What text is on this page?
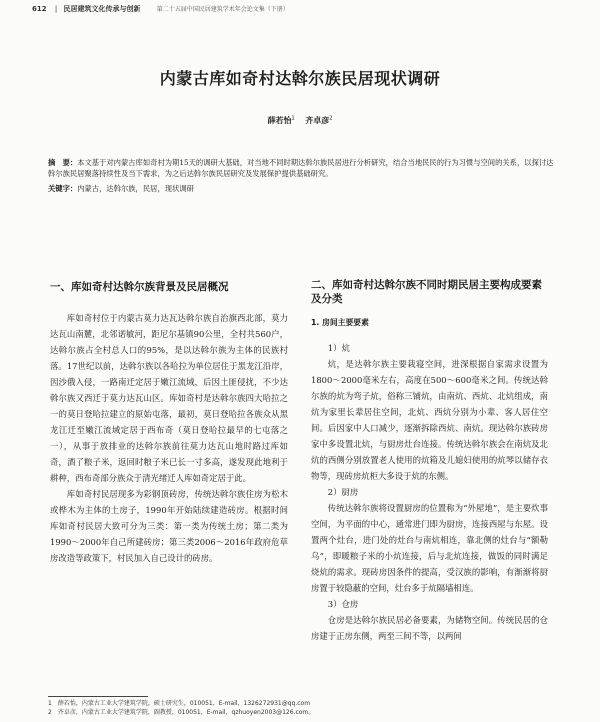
612 | 民居建筑文化传承与创新	第二十五届中国民居建筑学术年会论文集（下册）
内蒙古库如奇村达斡尔族民居现状调研
薛若怡$^1$ 齐卓彦$^2$
摘　要：本文基于对内蒙古库如奇村为期15天的调研大基础，对当地不同时期达斡尔族民居进行分析研究，结合当地民民的行为习惯与空间的关系，以探讨达斡尔族民居聚落持续性及当下需求，为之后达斡尔族民居研究及发展保护提供基础研究。
关键字：内蒙古，达斡尔族，民居，现状调研
一、库如奇村达斡尔族背景及民居概况

库如奇村位于内蒙古莫力达瓦达斡尔族自治旗西北部，莫力达瓦山南麓，北邻诺敏河，距尼尔基镇90公里，全村共560户，达斡尔族占全村总人口的95%，是以达斡尔族为主体的民族村落。17世纪以前，达斡尔族以各哈拉为单位居住于黑龙江沿岸，因沙俄入侵，一路南迁定居于嫩江流域，后因土匪侵扰，不少达斡尔族又西迁于莫力达瓦山区。库如奇村是达斡尔族四大哈拉之一的莫日登哈拉建立的原始屯落，最初，莫日登哈拉各族众从黑龙江迁至嫩江流域定居于西布奇（莫日登哈拉最早的七屯落之一），从事于放排业的达斡尔族前往莫力达瓦山地时路过库如奇，酒了粮子米，返回时粮子米已长一寸多高，遂发现此地利于耕种，西布奇部分族众于清光绪迁人库如奇定居于此。

库如奇村民居现多为彩钢顶砖房，传统达斡尔族住房为松木或桦木为主体的土房子，1990年开始陆续建造砖房。根据时间库如奇村民居大致可分为三类：第一类为传统土房；第二类为1990～2000年自己所建砖房；第三类2006～2016年政府危草房改造等政策下，村民加入自己设计的砖房。

二、库如奇村达斡尔族不同时期民居主要构成要素及分类
1. 房间主要要素
1）炕

炕，是达斡尔族主要栽寝空间，进深根据自家需求设置为1800～2000毫米左右，高度在500～600毫米之间。传统达斡尔族的炕为弯子炕，俗称三铺炕，由南炕、西炕、北炕组成，南炕为家里长辈居住空间，北炕、西炕分别为小辈、客人居住空间。后因家中人口减少，逐渐拆除西炕、南炕。现达斡尔族砖房家中多设置北炕，与厨房灶台连接。传统达斡尔族会在南炕及北炕的西侧分别放置老人使用的炕箱及儿媳妇使用的炕琴以储存衣物等，现砖房炕柜大多设于炕的东侧。

2）厨房

传统达斡尔族将设置厨房的位置称为“外屋地”，是主要炊事空间，为平面的中心，通常进门即为厨房，连接西屋与东屋。设置两个灶台，进门处的灶台与南炕相连，靠北侧的灶台与“额勒乌”，即暖粮子米的小炕连接，后与北炕连接，做饭的同时满足烧炕的需求。现砖房因条件的提高，受汉族的影响，有渐渐将厨房置于较隐蔽的空间，灶台多于炕隔墙相连。

3）仓房

仓房是达斡尔族民居必备要素，为储物空间。传统民居的仓房建于正房东侧，两至三间不等，以两间

1　薛若怡，内蒙古工业大学建筑学院，硕士研究生，010051，E-mail，1326272931@qq.com
2　齐卓彦，内蒙古工业大学建筑学院，副教授，010051，E-mail，qzhuoyen2003@126.com。
